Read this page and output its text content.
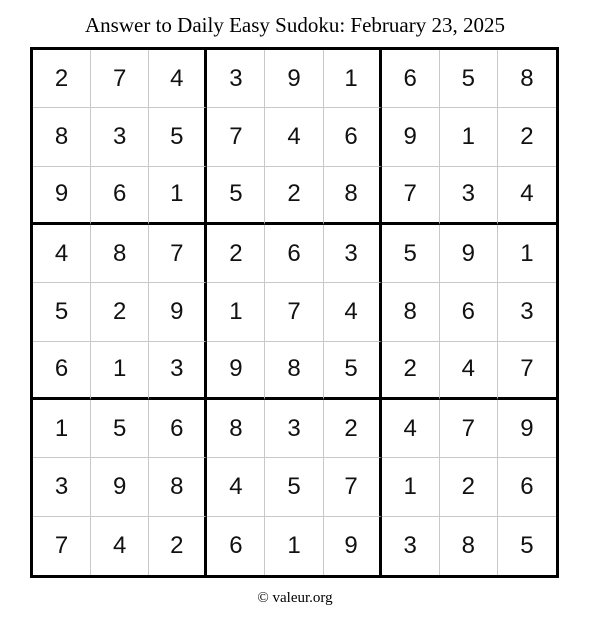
Answer to Daily Easy Sudoku: February 23, 2025
2	7	4	3	9	1	6	5	8
8	3	5	7	4	6	9	1	2
9	6	1	5	2	8	7	3	4
4	8	7	2	6	3	5	9	1
5	2	9	1	7	4	8	6	3
6	1	3	9	8	5	2	4	7
1	5	6	8	3	2	4	7	9
3	9	8	4	5	7	1	2	6
7	4	2	6	1	9	3	8	5
© valeur.org
